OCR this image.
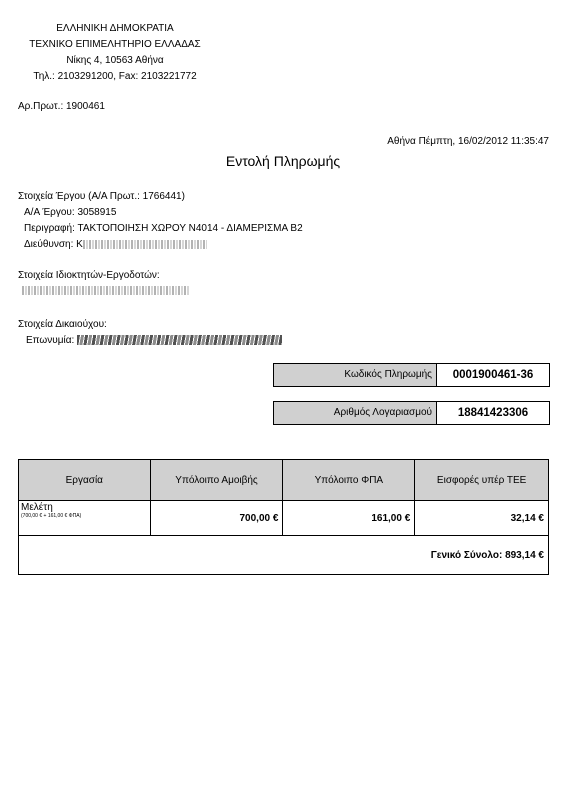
ΕΛΛΗΝΙΚΗ ΔΗΜΟΚΡΑΤΙΑ
ΤΕΧΝΙΚΟ ΕΠΙΜΕΛΗΤΗΡΙΟ ΕΛΛΑΔΑΣ
Νίκης 4, 10563 Αθήνα
Τηλ.: 2103291200, Fax: 2103221772
Αρ.Πρωτ.: 1900461
Αθήνα Πέμπτη, 16/02/2012 11:35:47
Εντολή Πληρωμής
Στοιχεία Έργου (Α/Α Πρωτ.: 1766441)
Α/Α Έργου: 3058915
Περιγραφή: ΤΑΚΤΟΠΟΙΗΣΗ ΧΩΡΟΥ Ν4014 - ΔΙΑΜΕΡΙΣΜΑ Β2
Διεύθυνση: Κ
Στοιχεία Ιδιοκτητών-Εργοδοτών:
Στοιχεία Δικαιούχου:
Επωνυμία:
Κωδικός Πληρωμής	0001900461-36
Αριθμός Λογαριασμού	18841423306
Εργασία	Υπόλοιπο Αμοιβής	Υπόλοιπο ΦΠΑ	Εισφορές υπέρ ΤΕΕ

Μελέτη
(700,00 € + 161,00 € ΦΠΑ)	700,00 €	161,00 €	32,14 €
Γενικό Σύνολο: 893,14 €			
